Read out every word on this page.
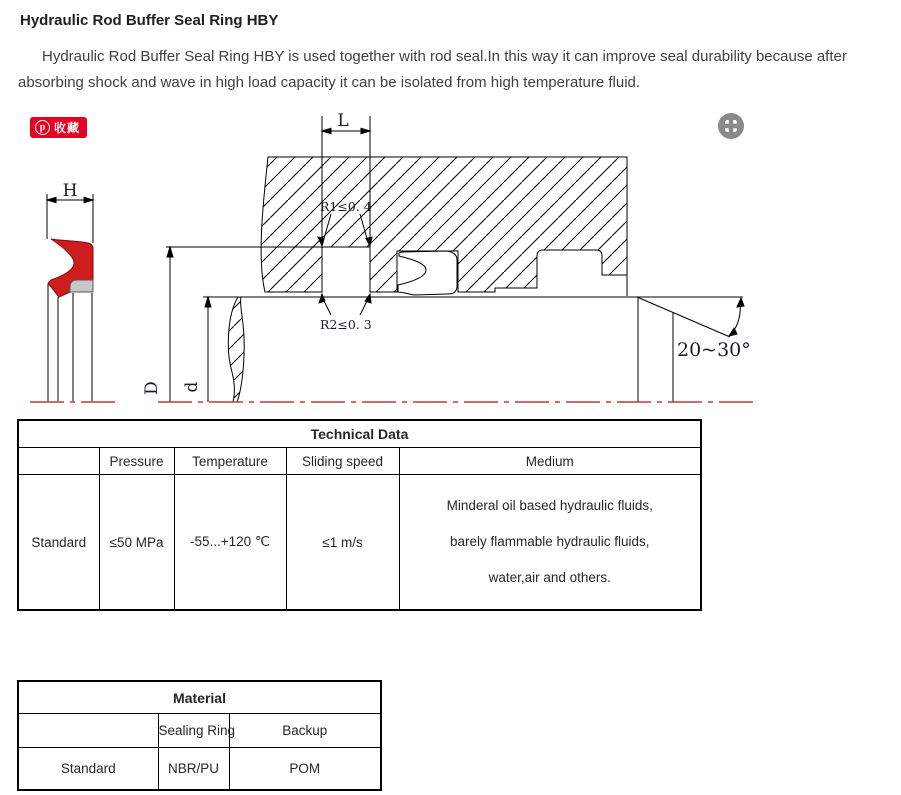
Hydraulic Rod Buffer Seal Ring HBY
Hydraulic Rod Buffer Seal Ring HBY is used together with rod seal.In this way it can improve seal durability because after absorbing shock and wave in high load capacity it can be isolated from high temperature fluid.
H
L
R1≤0. 4
R2≤0. 3
D d
20~30°
p 收藏
Technical Data				
	Pressure	Temperature	Sliding speed	Medium
Standard	≤50 MPa	-55...+120 ℃	≤1 m/s	Minderal oil based hydraulic fluids,
barely flammable hydraulic fluids,
water,air and others.
Material		
	Sealing Ring	Backup
Standard	NBR/PU	POM
